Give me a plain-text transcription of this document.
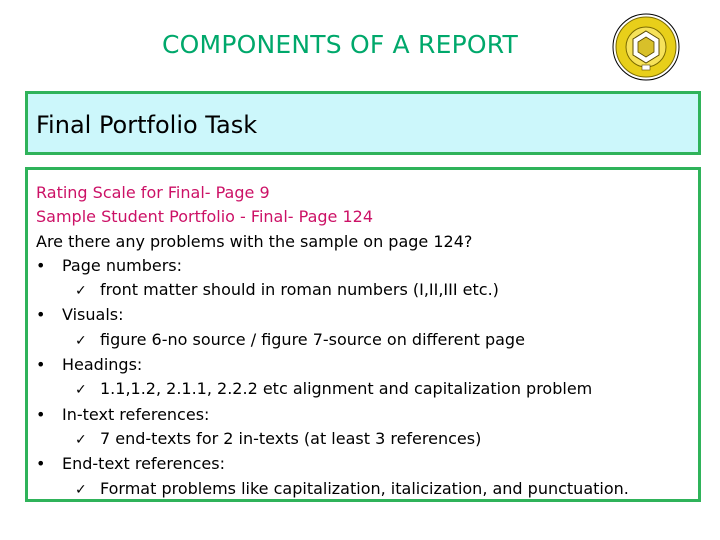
COMPONENTS OF A REPORT
Final Portfolio Task
Rating Scale for Final- Page 9
Sample Student Portfolio - Final- Page 124
Are there any problems with the sample on page 124?
• Page numbers:
✓ front matter should in roman numbers (I,II,III etc.)
• Visuals:
✓ figure 6-no source / figure 7-source on different page
• Headings:
✓ 1.1,1.2, 2.1.1, 2.2.2 etc alignment and capitalization problem
• In-text references:
✓ 7 end-texts for 2 in-texts (at least 3 references)
• End-text references:
✓ Format problems like capitalization, italicization, and punctuation.
